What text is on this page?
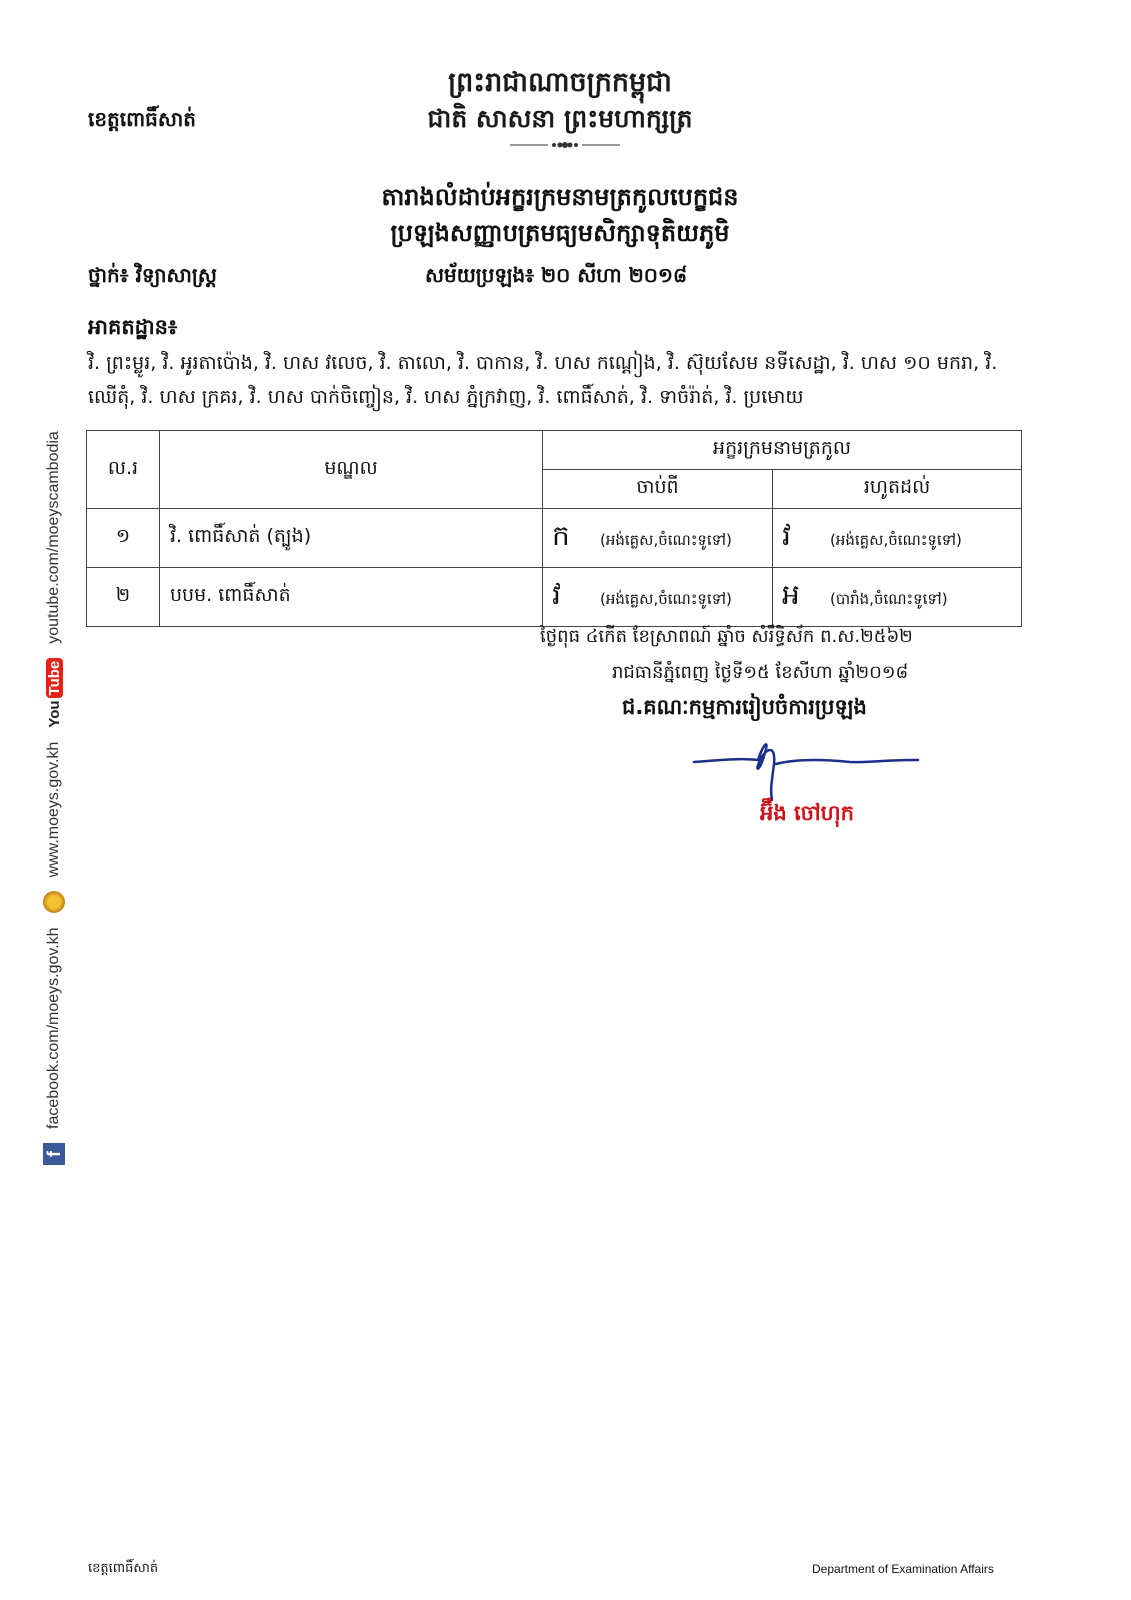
ព្រះរាជាណាចក្រកម្ពុជា
ជាតិ សាសនា ព្រះមហាក្សត្រ
ខេត្តពោធិ៍សាត់
តារាងលំដាប់អក្ខរក្រមនាមត្រកូលបេក្ខជន
ប្រឡងសញ្ញាបត្រមធ្យមសិក្សាទុតិយភូមិ
ថ្នាក់៖ វិទ្យាសាស្ត្រ	សម័យប្រឡង៖ ២០ សីហា ២០១៨
អាគតដ្ឋាន៖
វិ. ព្រះម្លូរ, វិ. អូរតាប៉ោង, វិ. ហស វលេច, វិ. តាលោ, វិ. បាកាន, វិ. ហស កណ្ដៀង, វិ. ស៊ុយសែម នទីសេដ្ឋា, វិ. ហស ១០ មករា, វិ. ឈើតុំ, វិ. ហស ក្រគរ, វិ. ហស បាក់ចិញ្ចៀន, វិ. ហស ភ្នំក្រវាញ, វិ. ពោធិ៍សាត់, វិ. ទាចំរ៉ាត់, វិ. ប្រមោយ
ល.រ	មណ្ឌល	អក្ខរក្រមនាមត្រកូល	
		ចាប់ពី	រហូតដល់
១	វិ. ពោធិ៍សាត់ (ត្បូង)	ក (អង់គ្លេស,ចំណេះទូទៅ)	វ (អង់គ្លេស,ចំណេះទូទៅ)
២	បបម. ពោធិ៍សាត់	វ (អង់គ្លេស,ចំណេះទូទៅ)	អ (បារាំង,ចំណេះទូទៅ)
ថ្ងៃពុធ ៤កើត ខែស្រាពណ៍ ឆ្នាំច សំរឹទ្ធិស័ក ព.ស.២៥៦២
រាជធានីភ្នំពេញ ថ្ងៃទី១៥ ខែសីហា ឆ្នាំ២០១៨
ជ.គណៈកម្មការរៀបចំការប្រឡង
អ៊ឹង ចៅហុក
f
facebook.com/moeys.gov.kh
www.moeys.gov.kh
You
Tube
youtube.com/moeyscambodia
ខេត្តពោធិ៍សាត់	Department of Examination Affairs
